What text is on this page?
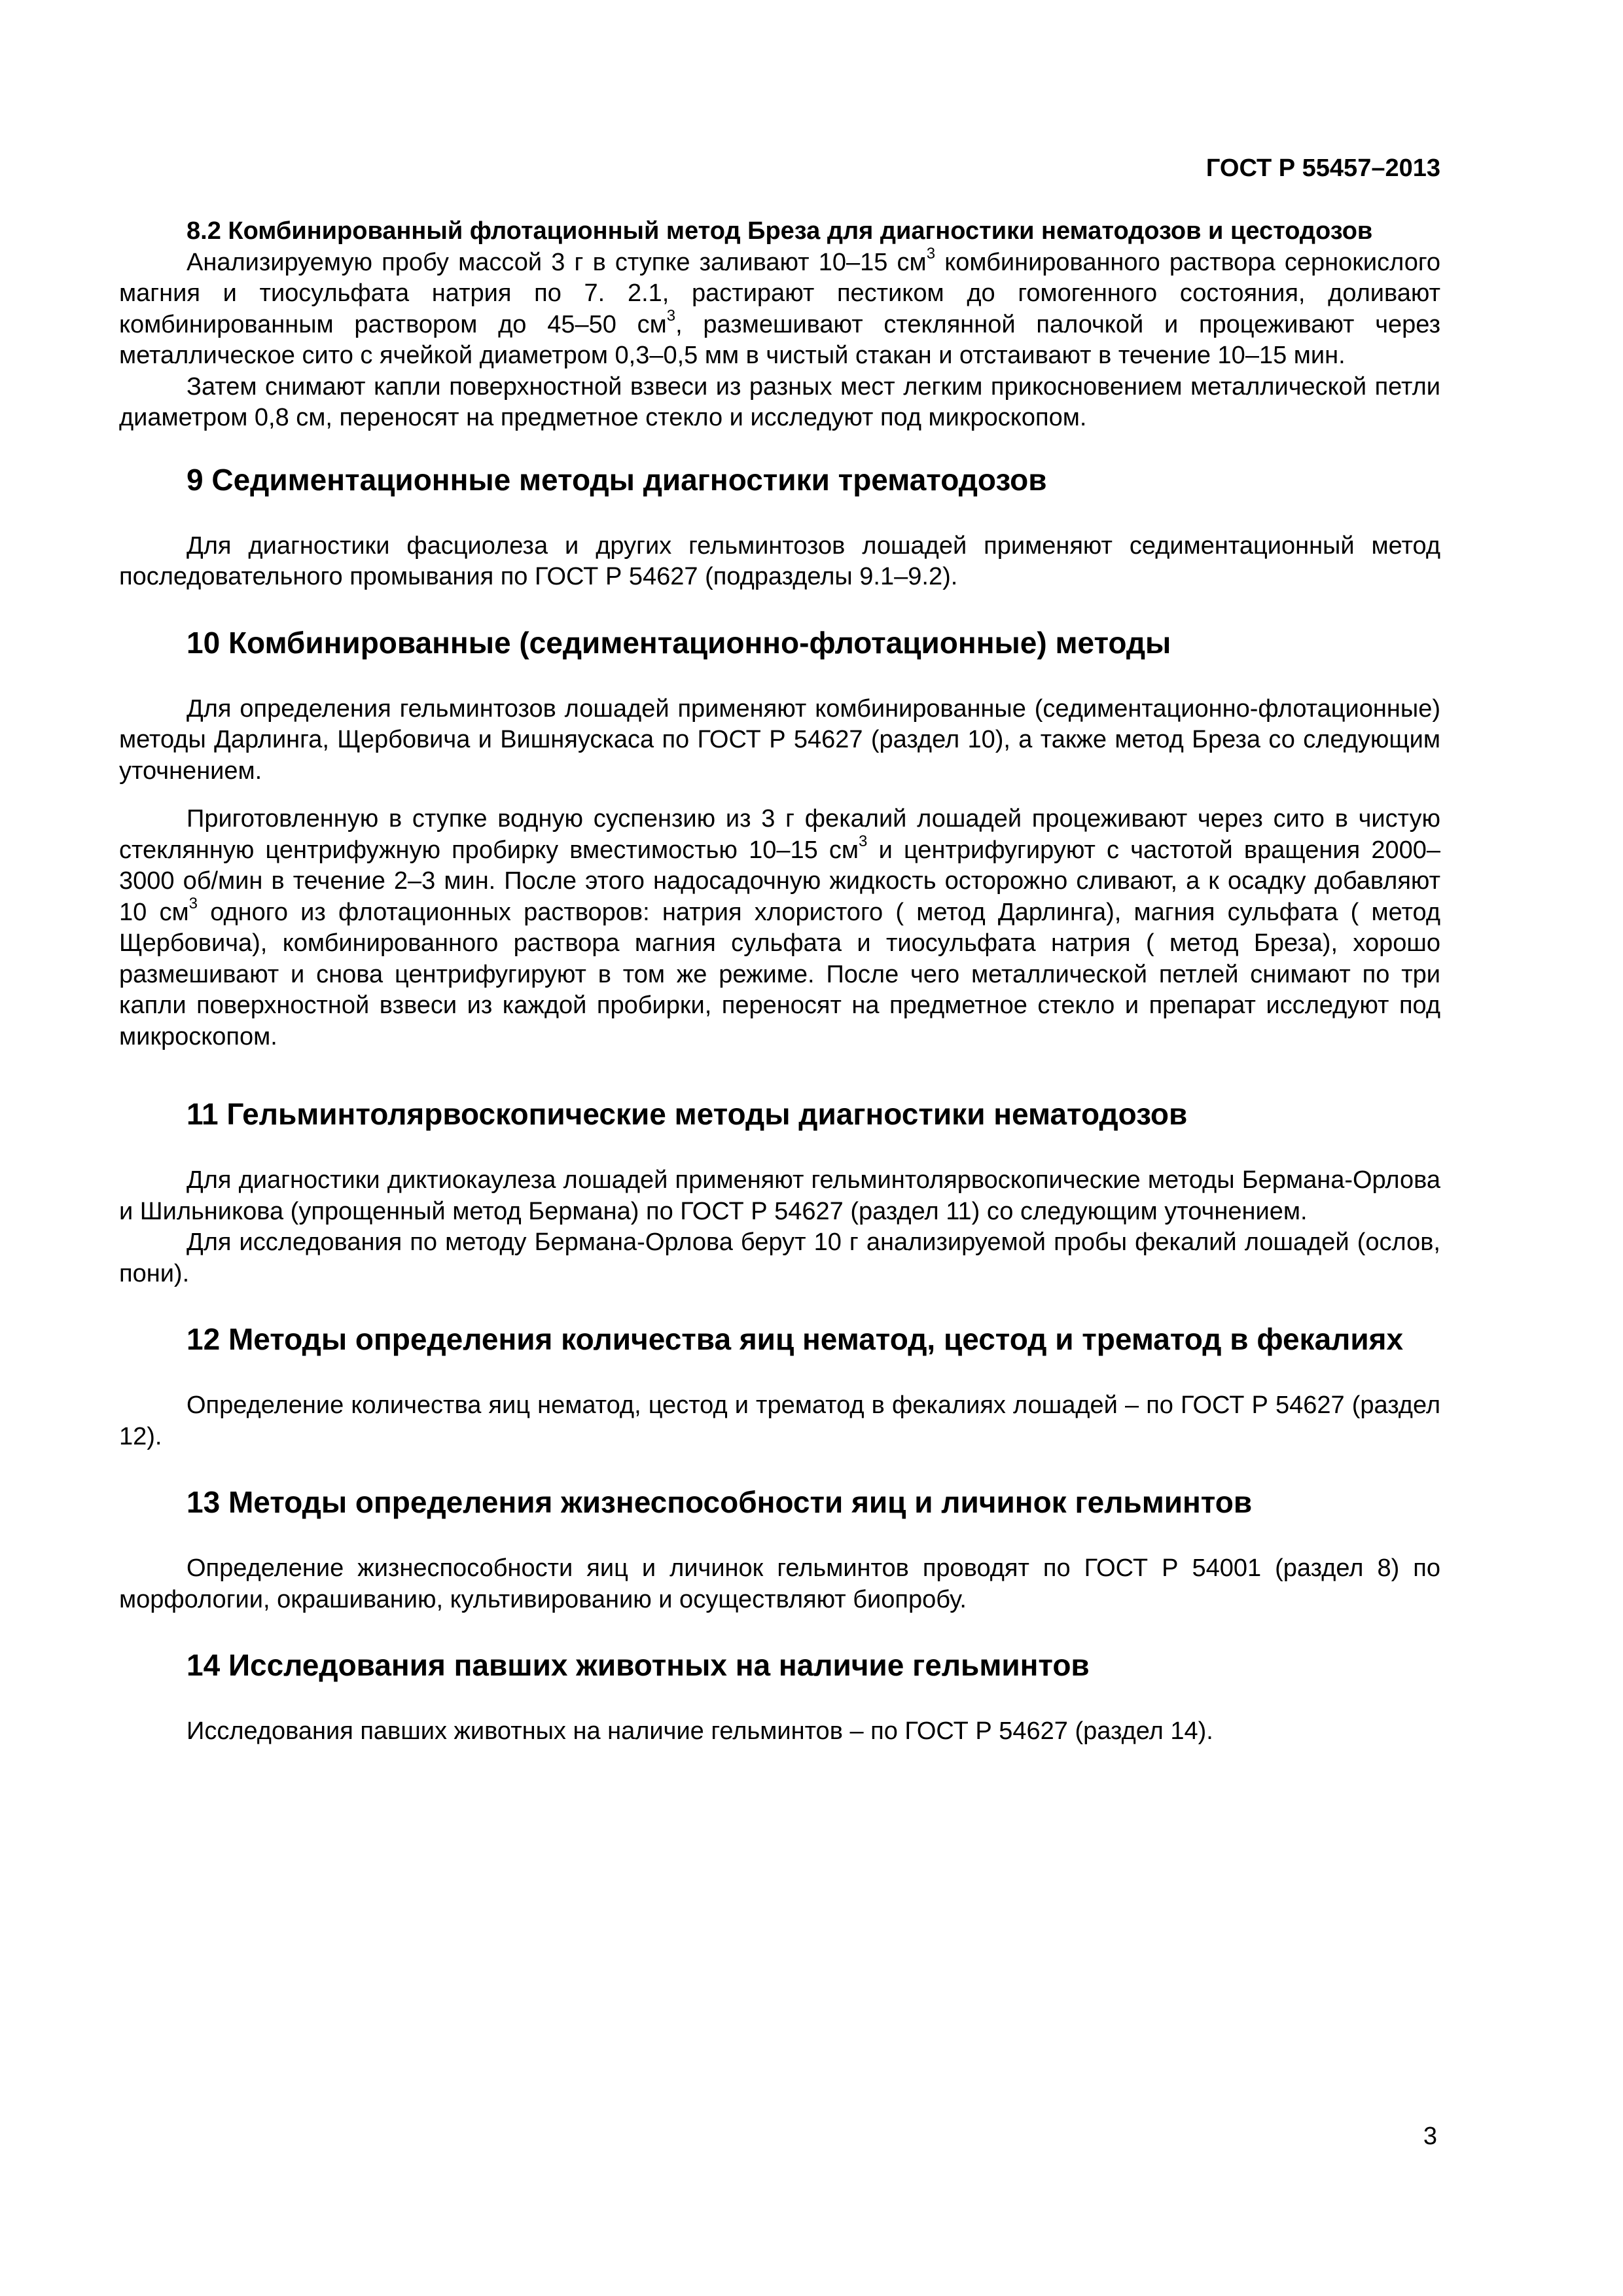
ГОСТ Р 55457–2013

8.2 Комбинированный флотационный метод Бреза для диагностики нематодозов и цестодозов

Анализируемую пробу массой 3 г в ступке заливают 10–15 $см^3$ комбинированного раствора сернокислого магния и тиосульфата натрия по 7. 2.1, растирают пестиком до гомогенного состояния, доливают комбинированным раствором до 45–50 $см^3$, размешивают стеклянной палочкой и процеживают через металлическое сито с ячейкой диаметром 0,3–0,5 мм в чистый стакан и отстаивают в течение 10–15 мин.

Затем снимают капли поверхностной взвеси из разных мест легким прикосновением металлической петли диаметром 0,8 см, переносят на предметное стекло и исследуют под микроскопом.

9 Седиментационные методы диагностики трематодозов

Для диагностики фасциолеза и других гельминтозов лошадей применяют седиментационный метод последовательного промывания по ГОСТ Р 54627 (подразделы 9.1–9.2).

10 Комбинированные (седиментационно-флотационные) методы

Для определения гельминтозов лошадей применяют комбинированные (седиментационно-флотационные) методы Дарлинга, Щербовича и Вишняускаса по ГОСТ Р 54627 (раздел 10), а также метод Бреза со следующим уточнением.

Приготовленную в ступке водную суспензию из 3 г фекалий лошадей процеживают через сито в чистую стеклянную центрифужную пробирку вместимостью 10–15 $см^3$ и центрифугируют с частотой вращения 2000– 3000 об/мин в течение 2–3 мин. После этого надосадочную жидкость осторожно сливают, а к осадку добавляют 10 $см^3$ одного из флотационных растворов: натрия хлористого ( метод Дарлинга), магния сульфата ( метод Щербовича), комбинированного раствора магния сульфата и тиосульфата натрия ( метод Бреза), хорошо размешивают и снова центрифугируют в том же режиме. После чего металлической петлей снимают по три капли поверхностной взвеси из каждой пробирки, переносят на предметное стекло и препарат исследуют под микроскопом.

11 Гельминтолярвоскопические методы диагностики нематодозов

Для диагностики диктиокаулеза лошадей применяют гельминтолярвоскопические методы Бермана-Орлова и Шильникова (упрощенный метод Бермана) по ГОСТ Р 54627 (раздел 11) со следующим уточнением.

Для исследования по методу Бермана-Орлова берут 10 г анализируемой пробы фекалий лошадей (ослов, пони).

12 Методы определения количества яиц нематод, цестод и трематод в фекалиях

Определение количества яиц нематод, цестод и трематод в фекалиях лошадей – по ГОСТ Р 54627 (раздел 12).

13 Методы определения жизнеспособности яиц и личинок гельминтов

Определение жизнеспособности яиц и личинок гельминтов проводят по ГОСТ Р 54001 (раздел 8) по морфологии, окрашиванию, культивированию и осуществляют биопробу.

14 Исследования павших животных на наличие гельминтов

Исследования павших животных на наличие гельминтов – по ГОСТ Р 54627 (раздел 14).

3
